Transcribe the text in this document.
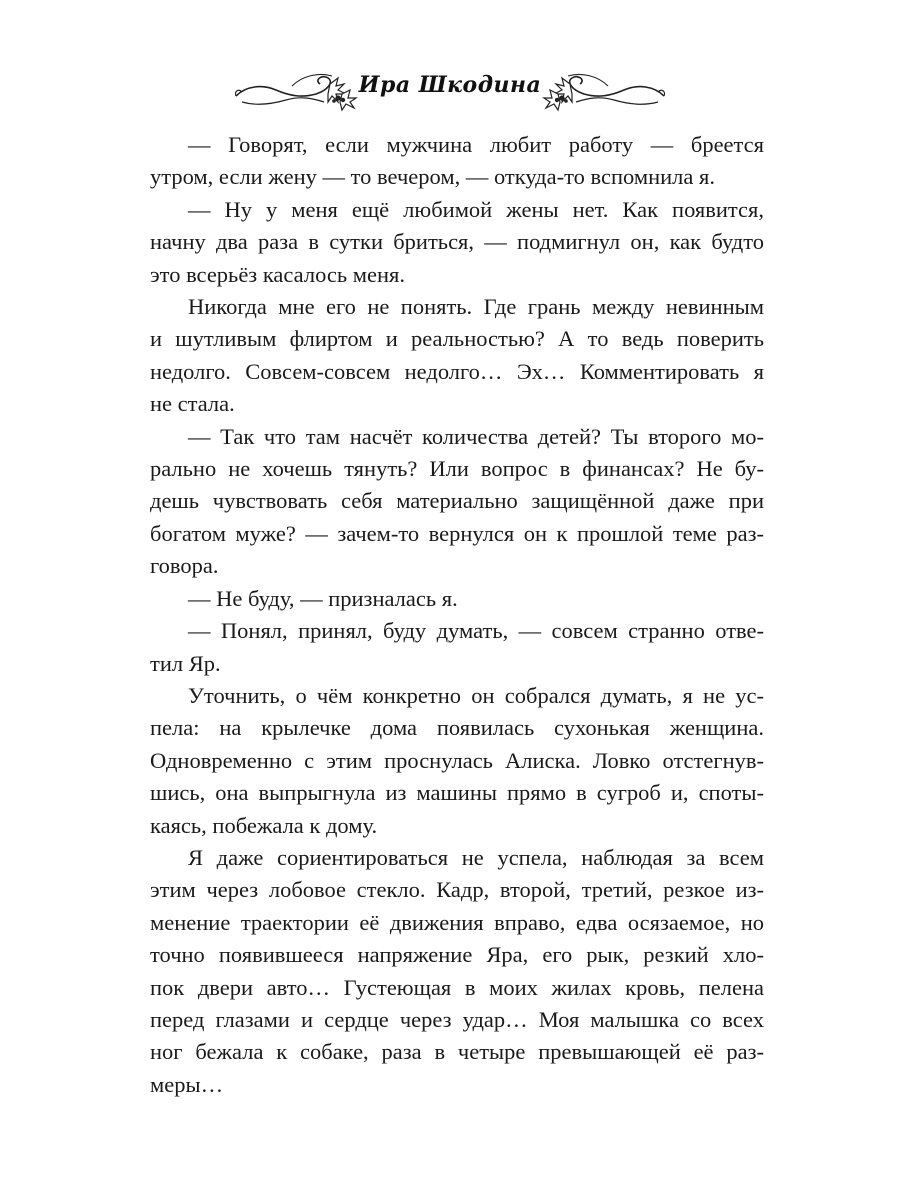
Ира Шкодина

— Говорят, если мужчина любит работу — бреется
утром, если жену — то вечером, — откуда-то вспомнила я.

— Ну у меня ещё любимой жены нет. Как появится,
начну два раза в сутки бриться, — подмигнул он, как будто
это всерьёз касалось меня.

Никогда мне его не понять. Где грань между невинным
и шутливым флиртом и реальностью? А то ведь поверить
недолго. Совсем-совсем недолго… Эх… Комментировать я
не стала.

— Так что там насчёт количества детей? Ты второго мо-
рально не хочешь тянуть? Или вопрос в финансах? Не бу-
дешь чувствовать себя материально защищённой даже при
богатом муже? — зачем-то вернулся он к прошлой теме раз-
говора.

— Не буду, — призналась я.

— Понял, принял, буду думать, — совсем странно отве-
тил Яр.

Уточнить, о чём конкретно он собрался думать, я не ус-
пела: на крылечке дома появилась сухонькая женщина.
Одновременно с этим проснулась Алиска. Ловко отстегнув-
шись, она выпрыгнула из машины прямо в сугроб и, споты-
каясь, побежала к дому.

Я даже сориентироваться не успела, наблюдая за всем
этим через лобовое стекло. Кадр, второй, третий, резкое из-
менение траектории её движения вправо, едва осязаемое, но
точно появившееся напряжение Яра, его рык, резкий хло-
пок двери авто… Густеющая в моих жилах кровь, пелена
перед глазами и сердце через удар… Моя малышка со всех
ног бежала к собаке, раза в четыре превышающей её раз-
меры…
